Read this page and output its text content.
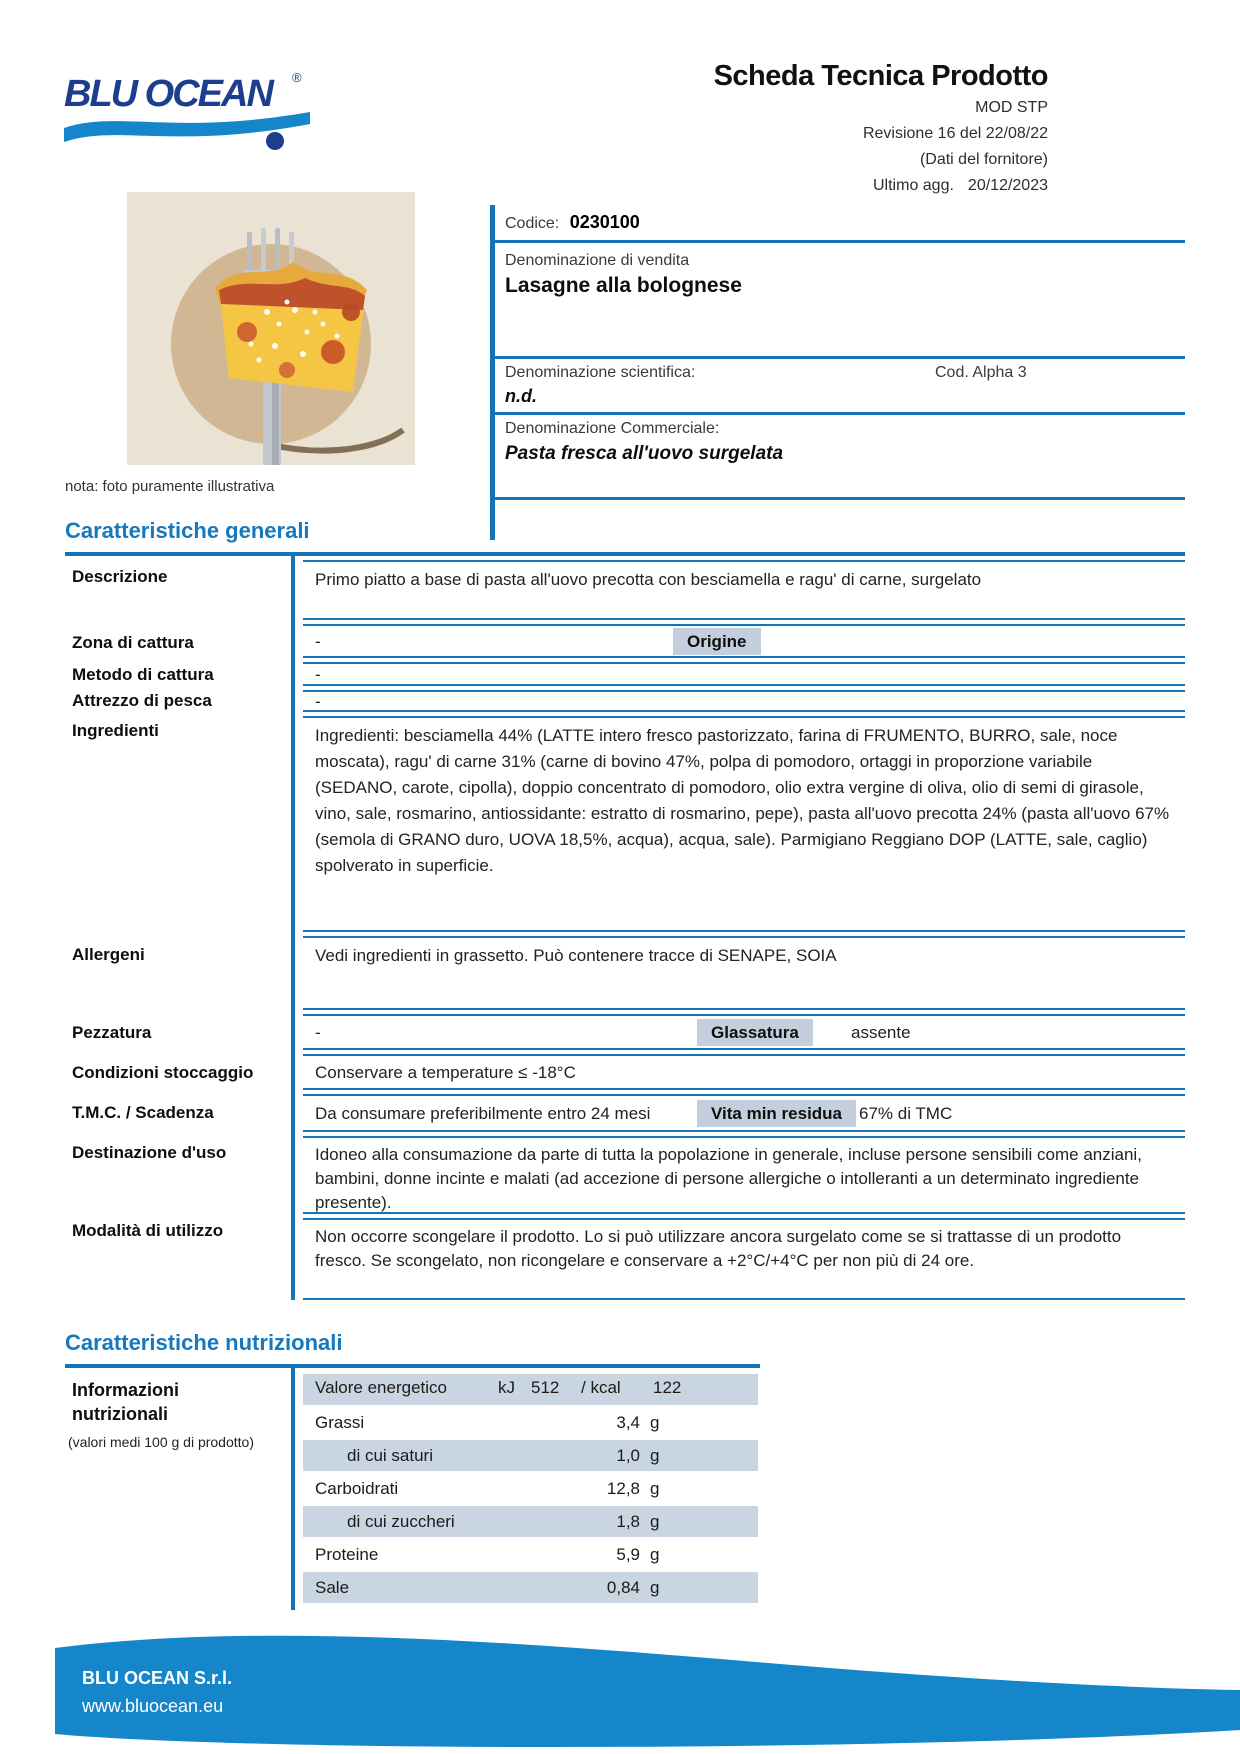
BLU OCEAN ®	Scheda Tecnica Prodotto
MOD STP
Revisione 16 del 22/08/22
(Dati del fornitore)
Ultimo agg. 20/12/2023
nota: foto puramente illustrativa
Codice: 0230100
Denominazione di vendita
Lasagne alla bolognese
Denominazione scientifica:	Cod. Alpha 3
n.d.
Denominazione Commerciale:
Pasta fresca all'uovo surgelata
Caratteristiche generali
Descrizione	Primo piatto a base di pasta all'uovo precotta con besciamella e ragu' di carne, surgelato
Zona di cattura	-	Origine
Metodo di cattura	-
Attrezzo di pesca	-
Ingredienti	Ingredienti: besciamella 44% (LATTE intero fresco pastorizzato, farina di FRUMENTO, BURRO, sale, noce moscata), ragu' di carne 31% (carne di bovino 47%, polpa di pomodoro, ortaggi in proporzione variabile (SEDANO, carote, cipolla), doppio concentrato di pomodoro, olio extra vergine di oliva, olio di semi di girasole, vino, sale, rosmarino, antiossidante: estratto di rosmarino, pepe), pasta all'uovo precotta 24% (pasta all'uovo 67% (semola di GRANO duro, UOVA 18,5%, acqua), acqua, sale). Parmigiano Reggiano DOP (LATTE, sale, caglio) spolverato in superficie.
Allergeni	Vedi ingredienti in grassetto. Può contenere tracce di SENAPE, SOIA
Pezzatura	-	Glassatura	assente
Condizioni stoccaggio	Conservare a temperature ≤ -18°C
T.M.C. / Scadenza	Da consumare preferibilmente entro 24 mesi	Vita min residua 67% di TMC
Destinazione d'uso	Idoneo alla consumazione da parte di tutta la popolazione in generale, incluse persone sensibili come anziani, bambini, donne incinte e malati (ad accezione di persone allergiche o intolleranti a un determinato ingrediente presente).
Modalità di utilizzo	Non occorre scongelare il prodotto. Lo si può utilizzare ancora surgelato come se si trattasse di un prodotto fresco. Se scongelato, non ricongelare e conservare a +2°C/+4°C per non più di 24 ore.
Caratteristiche nutrizionali
Informazioni
nutrizionali
(valori medi 100 g di prodotto)
Valore energetico	kJ 512 / kcal 122
Grassi	3,4 g
di cui saturi	1,0 g
Carboidrati	12,8 g
di cui zuccheri	1,8 g
Proteine	5,9 g
Sale	0,84 g
BLU OCEAN S.r.l.
www.bluocean.eu
